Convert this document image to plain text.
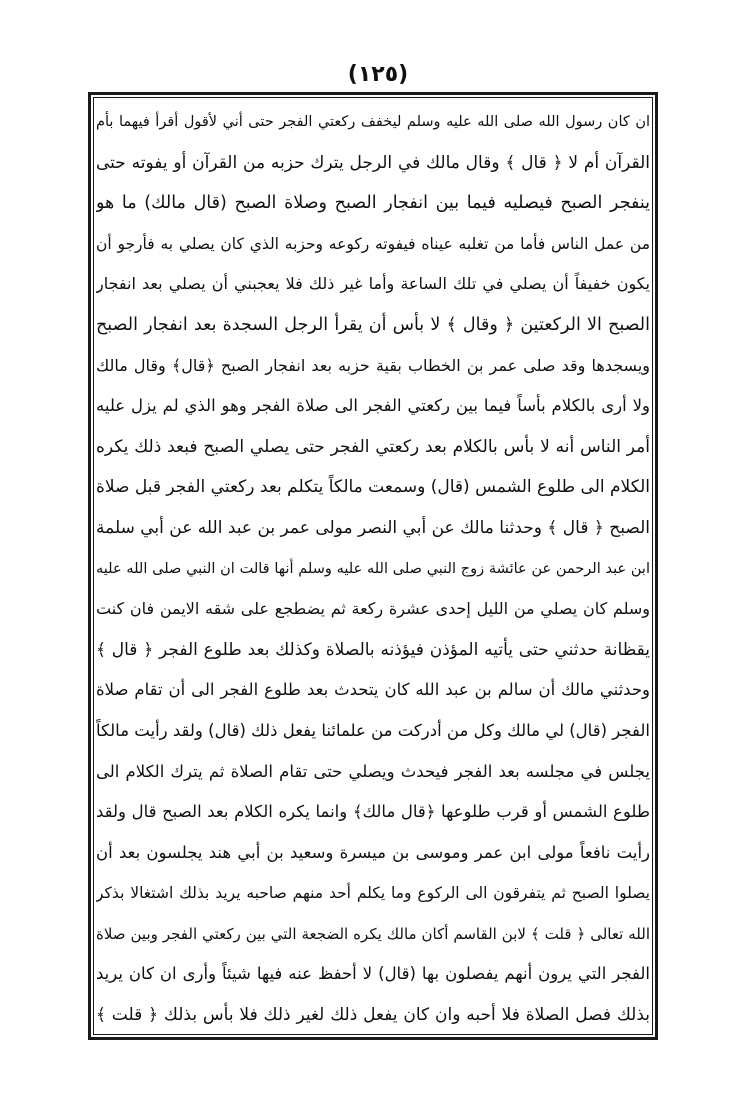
(١٢٥)
ان كان رسول الله صلى الله عليه وسلم ليخفف ركعتي الفجر حتى أني لأقول أقرأ فيهما بأم
القرآن أم لا ﴿ قال ﴾ وقال مالك في الرجل يترك حزبه من القرآن أو يفوته حتى
ينفجر الصبح فيصليه فيما بين انفجار الصبح وصلاة الصبح (قال مالك) ما هو
من عمل الناس فأما من تغلبه عيناه فيفوته ركوعه وحزبه الذي كان يصلي به فأرجو أن
يكون خفيفاً أن يصلي في تلك الساعة وأما غير ذلك فلا يعجبني أن يصلي بعد انفجار
الصبح الا الركعتين ﴿ وقال ﴾ لا بأس أن يقرأ الرجل السجدة بعد انفجار الصبح
ويسجدها وقد صلى عمر بن الخطاب بقية حزبه بعد انفجار الصبح ﴿قال﴾ وقال مالك
ولا أرى بالكلام بأساً فيما بين ركعتي الفجر الى صلاة الفجر وهو الذي لم يزل عليه
أمر الناس أنه لا بأس بالكلام بعد ركعتي الفجر حتى يصلي الصبح فبعد ذلك يكره
الكلام الى طلوع الشمس (قال) وسمعت مالكاً يتكلم بعد ركعتي الفجر قبل صلاة
الصبح ﴿ قال ﴾ وحدثنا مالك عن أبي النصر مولى عمر بن عبد الله عن أبي سلمة
ابن عبد الرحمن عن عائشة زوج النبي صلى الله عليه وسلم أنها قالت ان النبي صلى الله عليه
وسلم كان يصلي من الليل إحدى عشرة ركعة ثم يضطجع على شقه الايمن فان كنت
يقظانة حدثني حتى يأتيه المؤذن فيؤذنه بالصلاة وكذلك بعد طلوع الفجر ﴿ قال ﴾
وحدثني مالك أن سالم بن عبد الله كان يتحدث بعد طلوع الفجر الى أن تقام صلاة
الفجر (قال) لي مالك وكل من أدركت من علمائنا يفعل ذلك (قال) ولقد رأيت مالكاً
يجلس في مجلسه بعد الفجر فيحدث ويصلي حتى تقام الصلاة ثم يترك الكلام الى
طلوع الشمس أو قرب طلوعها ﴿قال مالك﴾ وانما يكره الكلام بعد الصبح قال ولقد
رأيت نافعاً مولى ابن عمر وموسى بن ميسرة وسعيد بن أبي هند يجلسون بعد أن
يصلوا الصبح ثم يتفرقون الى الركوع وما يكلم أحد منهم صاحبه يريد بذلك اشتغالا بذكر
الله تعالى ﴿ قلت ﴾ لابن القاسم أكان مالك يكره الضجعة التي بين ركعتي الفجر وبين صلاة
الفجر التي يرون أنهم يفصلون بها (قال) لا أحفظ عنه فيها شيئاً وأرى ان كان يريد
بذلك فصل الصلاة فلا أحبه وان كان يفعل ذلك لغير ذلك فلا بأس بذلك ﴿ قلت ﴾
